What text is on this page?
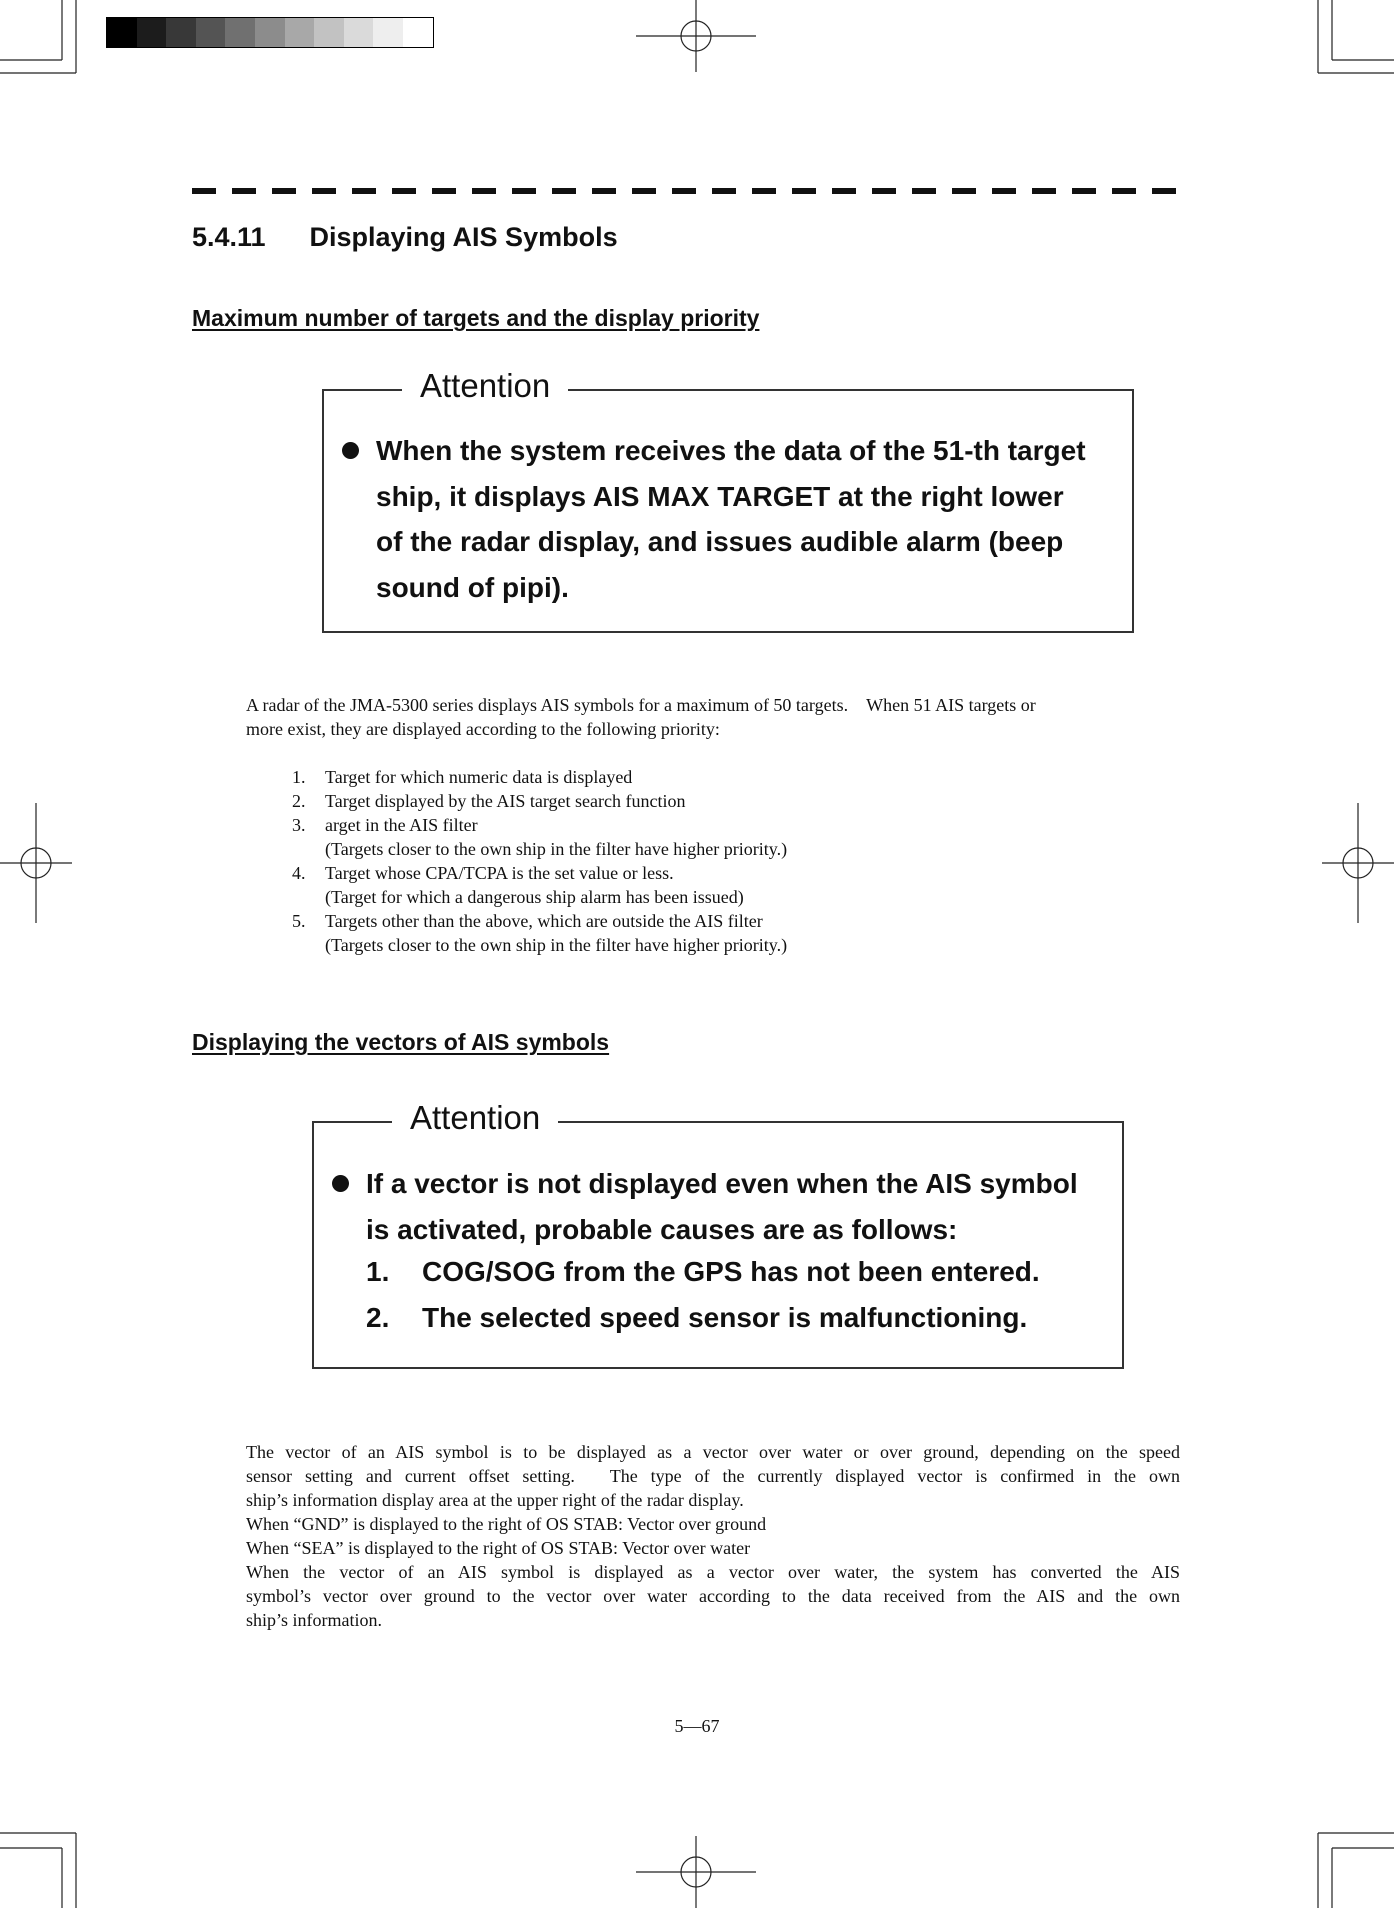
5.4.11 Displaying AIS Symbols
Maximum number of targets and the display priority
Attention
When the system receives the data of the 51-th target
ship, it displays AIS MAX TARGET at the right lower
of the radar display, and issues audible alarm (beep
sound of pipi).
A radar of the JMA-5300 series displays AIS symbols for a maximum of 50 targets.　When 51 AIS targets or
more exist, they are displayed according to the following priority:
1. Target for which numeric data is displayed
2. Target displayed by the AIS target search function
3. arget in the AIS filter
(Targets closer to the own ship in the filter have higher priority.)
4. Target whose CPA/TCPA is the set value or less.
(Target for which a dangerous ship alarm has been issued)
5. Targets other than the above, which are outside the AIS filter
(Targets closer to the own ship in the filter have higher priority.)
Displaying the vectors of AIS symbols
Attention
If a vector is not displayed even when the AIS symbol
is activated, probable causes are as follows:
1. COG/SOG from the GPS has not been entered.
2. The selected speed sensor is malfunctioning.
The vector of an AIS symbol is to be displayed as a vector over water or over ground, depending on the speed
sensor setting and current offset setting.　The type of the currently displayed vector is confirmed in the own
ship’s information display area at the upper right of the radar display.
When “GND” is displayed to the right of OS STAB: Vector over ground
When “SEA” is displayed to the right of OS STAB: Vector over water
When the vector of an AIS symbol is displayed as a vector over water, the system has converted the AIS
symbol’s vector over ground to the vector over water according to the data received from the AIS and the own
ship’s information.
5—67
